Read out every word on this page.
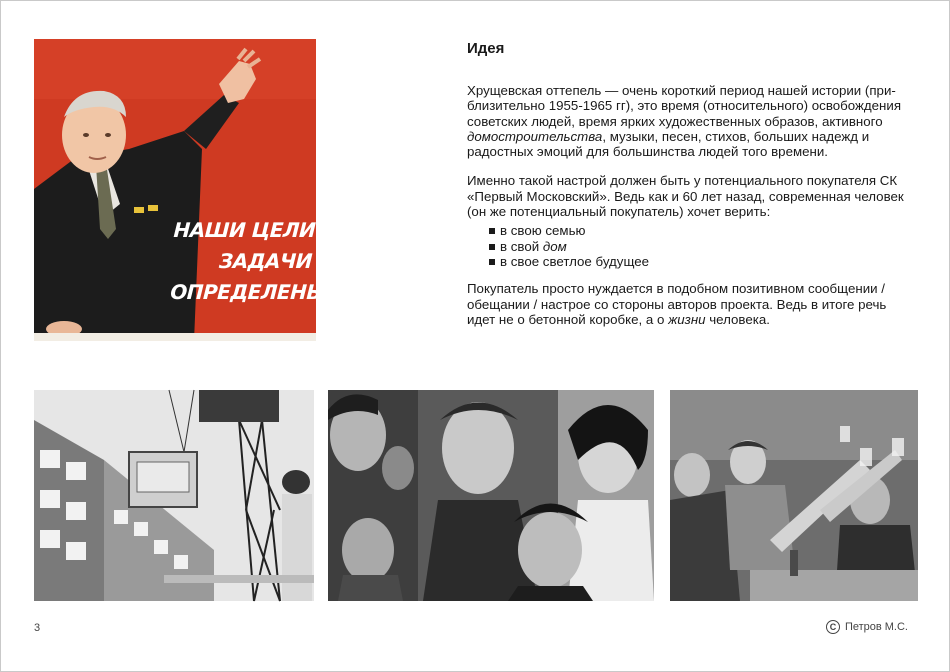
НАШИ ЦЕЛИ ЯСНЫ,
ЗАДАЧИ
ОПРЕДЕЛЕНЫ.
Идея

Хрущевская оттепель — очень короткий период нашей истории (при-близительно 1955-1965 гг), это время (относительного) освобождения советских людей, время ярких художественных образов, активного домостроительства, музыки, песен, стихов, больших надежд и радостных эмоций для большинства людей того времени.

Именно такой настрой должен быть у потенциального покупателя СК «Первый Московский». Ведь как и 60 лет назад, современная человек (он же потенциальный покупатель) хочет верить:

в свою семью
в свой дом
в свое светлое будущее

Покупатель просто нуждается в подобном позитивном сообщении / обещании / настрое со стороны авторов проекта. Ведь в итоге речь идет не о бетонной коробке, а о жизни человека.

3	C Петров М.С.
